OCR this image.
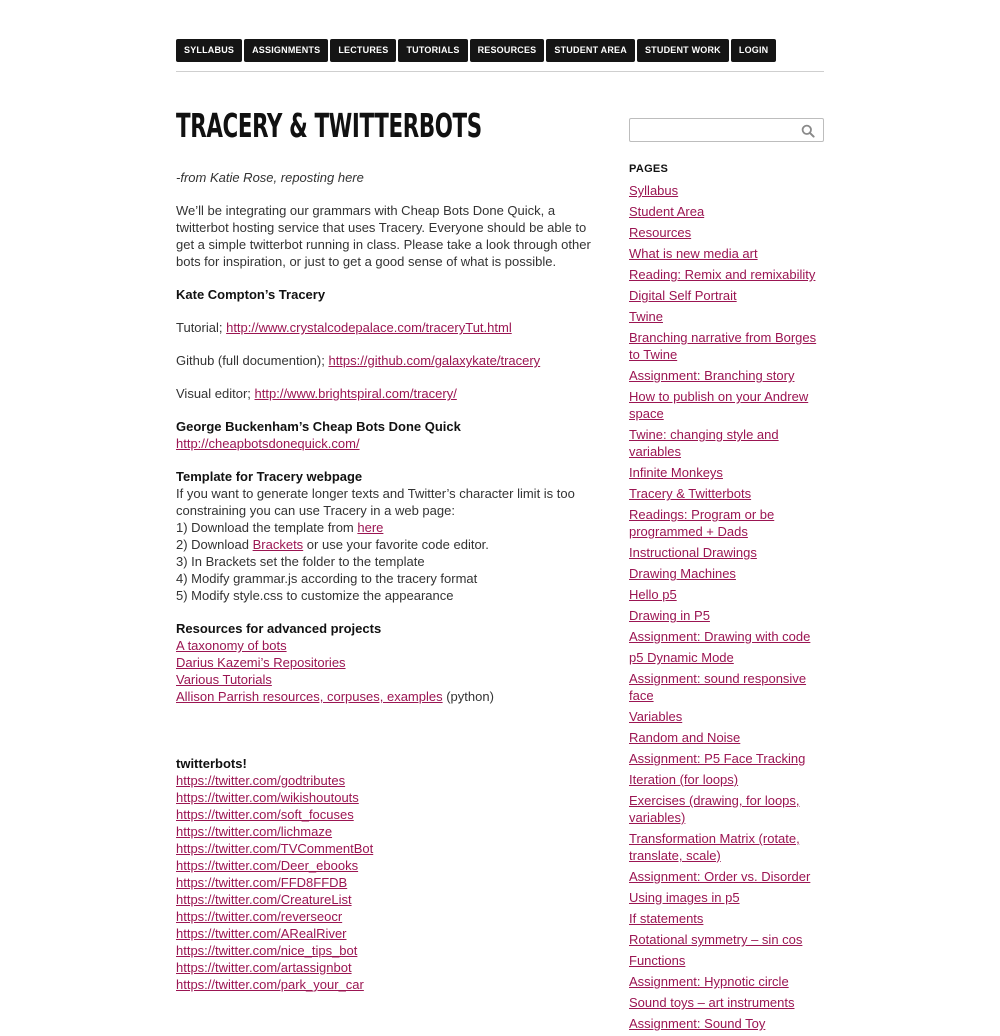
SYLLABUS	ASSIGNMENTS	LECTURES	TUTORIALS	RESOURCES	STUDENT AREA	STUDENT WORK	LOGIN
TRACERY & TWITTERBOTS

-from Katie Rose, reposting here

We’ll be integrating our grammars with Cheap Bots Done Quick, a twitterbot hosting service that uses Tracery. Everyone should be able to get a simple twitterbot running in class. Please take a look through other bots for inspiration, or just to get a good sense of what is possible.

Kate Compton’s Tracery

Tutorial; http://www.crystalcodepalace.com/traceryTut.html

Github (full documention); https://github.com/galaxykate/tracery

Visual editor; http://www.brightspiral.com/tracery/

George Buckenham’s Cheap Bots Done Quick
http://cheapbotsdonequick.com/

Template for Tracery webpage
If you want to generate longer texts and Twitter’s character limit is too constraining you can use Tracery in a web page:
1) Download the template from here
2) Download Brackets or use your favorite code editor.
3) In Brackets set the folder to the template
4) Modify grammar.js according to the tracery format
5) Modify style.css to customize the appearance

Resources for advanced projects
A taxonomy of bots
Darius Kazemi’s Repositories
Various Tutorials
Allison Parrish resources, corpuses, examples (python)

twitterbots!
https://twitter.com/godtributes
https://twitter.com/wikishoutouts
https://twitter.com/soft_focuses
https://twitter.com/lichmaze
https://twitter.com/TVCommentBot
https://twitter.com/Deer_ebooks
https://twitter.com/FFD8FFDB
https://twitter.com/CreatureList
https://twitter.com/reverseocr
https://twitter.com/ARealRiver
https://twitter.com/nice_tips_bot
https://twitter.com/artassignbot
https://twitter.com/park_your_car

PAGES
Syllabus
Student Area
Resources
What is new media art
Reading: Remix and remixability
Digital Self Portrait
Twine
Branching narrative from Borges to Twine
Assignment: Branching story
How to publish on your Andrew space
Twine: changing style and variables
Infinite Monkeys
Tracery & Twitterbots
Readings: Program or be programmed + Dads
Instructional Drawings
Drawing Machines
Hello p5
Drawing in P5
Assignment: Drawing with code
p5 Dynamic Mode
Assignment: sound responsive face
Variables
Random and Noise
Assignment: P5 Face Tracking
Iteration (for loops)
Exercises (drawing, for loops, variables)
Transformation Matrix (rotate, translate, scale)
Assignment: Order vs. Disorder
Using images in p5
If statements
Rotational symmetry – sin cos
Functions
Assignment: Hypnotic circle
Sound toys – art instruments
Assignment: Sound Toy
